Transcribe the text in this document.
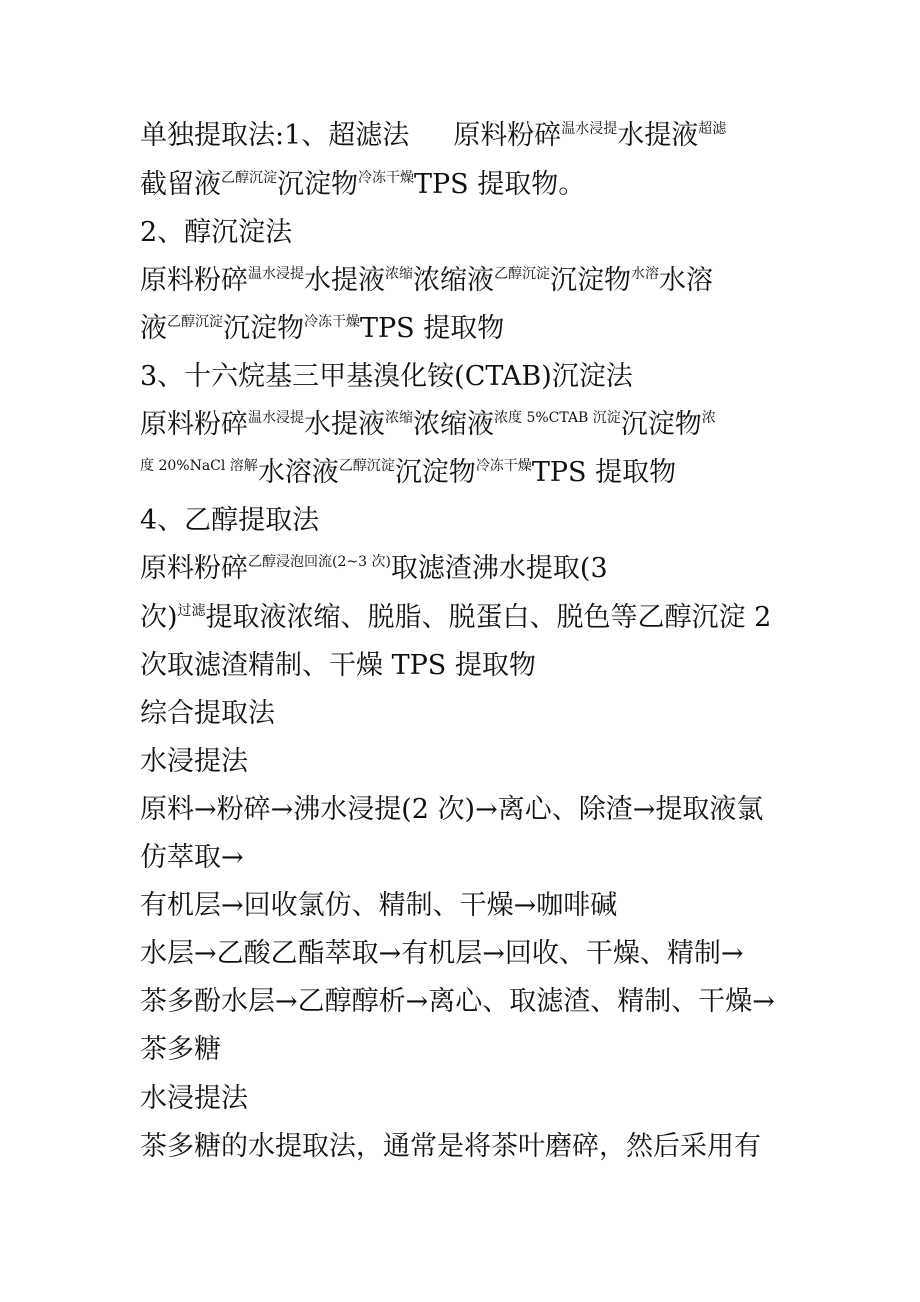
单独提取法:1、超滤法 原料粉碎$^{温水浸提}$水提液$^{超滤}$
截留液$^{乙醇沉淀}$沉淀物$^{冷冻干燥}$TPS 提取物。
2、醇沉淀法
原料粉碎$^{温水浸提}$水提液$^{浓缩}$浓缩液$^{乙醇沉淀}$沉淀物$^{水溶}$水溶
液$^{乙醇沉淀}$沉淀物$^{冷冻干燥}$TPS 提取物
3、十六烷基三甲基溴化铵(CTAB)沉淀法
原料粉碎$^{温水浸提}$水提液$^{浓缩}$浓缩液$^{浓度 5\%CTAB 沉淀}$沉淀物$^浓$
$^{度 20\%NaCl 溶解}$水溶液$^{乙醇沉淀}$沉淀物$^{冷冻干燥}$TPS 提取物
4、乙醇提取法
原料粉碎$^{乙醇浸泡回流(2\sim 3 次)}$取滤渣沸水提取(3
次)$^{过滤}$提取液浓缩、脱脂、脱蛋白、脱色等乙醇沉淀 2
次取滤渣精制、干燥 TPS 提取物
综合提取法
水浸提法
原料→粉碎→沸水浸提(2 次)→离心、除渣→提取液氯
仿萃取→
有机层→回收氯仿、精制、干燥→咖啡碱
水层→乙酸乙酯萃取→有机层→回收、干燥、精制→
茶多酚水层→乙醇醇析→离心、取滤渣、精制、干燥→
茶多糖
水浸提法
茶多糖的水提取法，通常是将茶叶磨碎，然后采用有
